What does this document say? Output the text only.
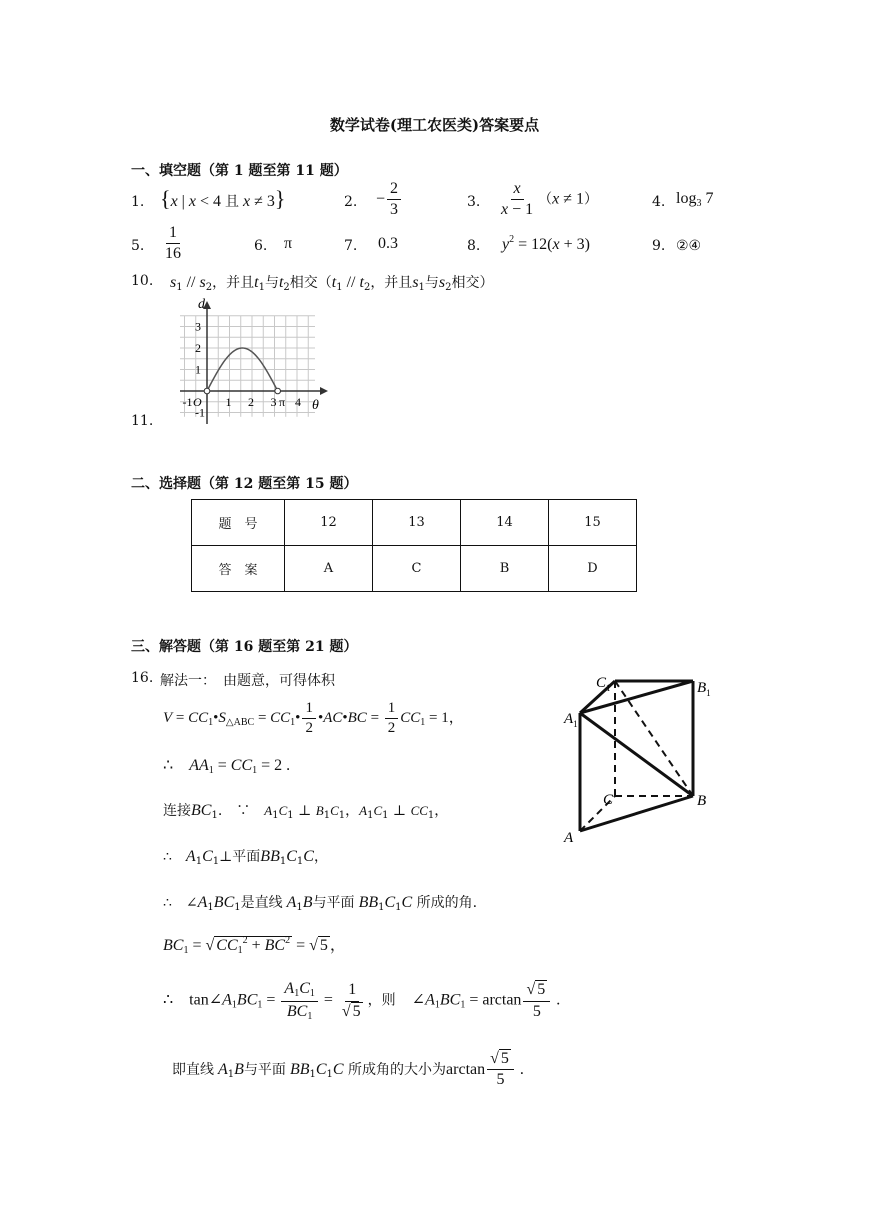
数学试卷(理工农医类)答案要点
一、填空题（第 1 题至第 11 题）
1. {x | x < 4 且 x ≠ 3}	2. − $\frac{2}{3}$	3. $\frac{x}{x - 1} (x \ne 1)$	4. $\log_3 7$
5. $\frac{1}{16}$	6. π	7. 0.3	8. $y^2 = 12(x + 3)$	9. ②④
10. $s_1 // s_2$，并且$t_1$与$t_2$相交（$t_1 // t_2$，并且$s_1$与$s_2$相交）
11.
d
θ
O	π
3
2
1
-1
-1	1 2 3 4
二、选择题（第 12 题至第 15 题）
题　号	12	13	14	15
答　案	A	C	B	D
三、解答题（第 16 题至第 21 题）
16. 解法一：　由题意，可得体积
$V = CC_1•S_{\triangle ABC}$ = $CC_1• \frac{1}{2}$ •AC•BC = $\frac{1}{2} CC_1 = 1$，
∴　$AA_1 = CC_1 = 2$ .
连接$BC_1$.　∵　$A_1C_1$ ⊥ $B_1C_1$，$A_1C_1$ ⊥ $CC_1$，
∴　$A_1C_1\perp$平面$BB_1C_1C$，
∴　$\angle A_1BC_1$是直线 $A_1B$与平面 $BB_1C_1C$ 所成的角.
$BC_1$ = √ $CC_1^2 + BC^2$ = √ 5 ，
∴　$\tan\angle A_1BC_1 = \frac{A_1C_1}{BC_1} = \frac{1}{√ 5}$ ，则　$\angle A_1BC_1 = \arctan \frac{√ 5}{5}$ .
即直线 $A_1B$与平面 $BB_1C_1C$ 所成角的大小为$\arctan \frac{√ 5}{5}$ .
$C_1$	$B_1$
$A_1$
C	B
A
